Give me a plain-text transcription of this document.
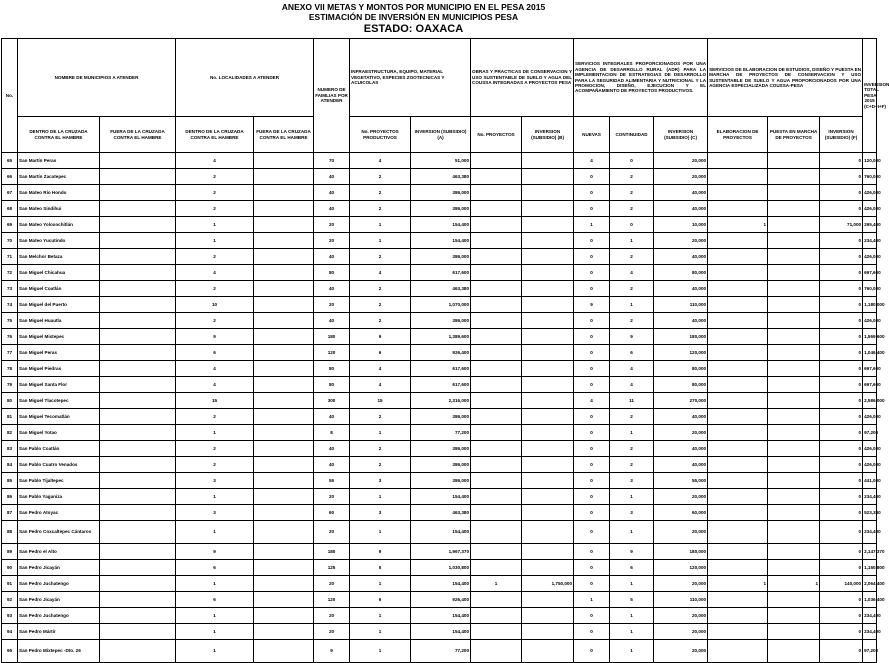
ANEXO VII METAS Y MONTOS POR MUNICIPIO EN EL PESA 2015
ESTIMACIÓN DE INVERSIÓN EN MUNICIPIOS PESA
ESTADO: OAXACA
No.	NOMBRE DE MUNICIPIOS A ATENDER		No. LOCALIDADES A ATENDER		NUMERO DE FAMILIAS POR ATENDER	INFRAESTRUCTURA, EQUIPO, MATERIAL VEGETATIVO, ESPECIES ZOOTECNICAS Y ACUICOLAS		OBRAS Y PRACTICAS DE CONSERVACION Y USO SUSTENTABLE DE SUELO Y AGUA DEL COUSSA INTEGRADAS A PROYECTOS PESA		SERVICIOS INTEGRALES PROPORCIONADOS POR UNA AGENCIA DE DESARROLLO RURAL (ADR) PARA LA IMPLEMENTACION DE ESTRATEGIAS DE DESARROLLO PARA LA SEGURIDAD ALIMENTARIA Y NUTRICIONAL Y LA PROMOCION, DISEÑO, EJECUCION Y EL ACOMPAÑAMIENTO DE PROYECTOS PRODUCTIVOS.			SERVICIOS DE ELABORACION DE ESTUDIOS, DISEÑO Y PUESTA EN MARCHA DE PROYECTOS DE CONSERVACION Y USO SUSTENTABLE DE SUELO Y AGUA PROPORCIONADOS POR UNA AGENCIA ESPECIALIZADA COUSSA-PESA			INVERSION TOTAL PESA 2015 (C+D+I+F)
	DENTRO DE LA CRUZADA CONTRA EL HAMBRE	FUERA DE LA CRUZADA CONTRA EL HAMBRE	DENTRO DE LA CRUZADA CONTRA EL HAMBRE	FUERA DE LA CRUZADA CONTRA EL HAMBRE		No. PROYECTOS PRODUCTIVOS	INVERSION (SUBSIDIO) (A)	No. PROYECTOS	INVERSION (SUBSIDIO) (B)	NUEVAS	CONTINUIDAD	INVERSION (SUBSIDIO) (C)	ELABORACION DE PROYECTOS	PUESTA EN MARCHA DE PROYECTOS	INVERSION (SUBSIDIO) (F)	
65	San Martín Peras		4		70	4	51,000			4	0	20,000			0	120,000
66	San Martín Zacatepec		2		40	2	463,380			0	2	20,000			0	760,000
67	San Mateo Río Hondo		2		40	2	386,000			0	2	40,000			0	426,000
68	San Mateo Sindihui		2		40	2	386,000			0	2	40,000			0	426,000
69	San Mateo Yoloxochitlán		1		20	1	154,400			1	0	10,000	1		71,000	295,400
70	San Mateo Yucutindo		1		20	1	154,400			0	1	20,000			0	234,400
71	San Melchor Betaza		2		40	2	386,000			0	2	40,000			0	426,000
72	San Miguel Chicahua		4		80	4	617,600			0	4	80,000			0	697,600
73	San Miguel Coatlán		2		40	2	463,380			0	2	40,000			0	760,000
74	San Miguel del Puerto		10		20	2	1,070,000			9	1	110,000			0	1,180,000
75	San Miguel Huautla		2		40	2	386,000			0	2	40,000			0	426,000
76	San Miguel Mixtepec		9		180	9	1,389,600			0	9	180,000			0	1,569,600
77	San Miguel Peras		6		120	6	926,400			0	6	120,000			0	1,046,400
78	San Miguel Piedras		4		80	4	617,600			0	4	80,000			0	697,600
79	San Miguel Santa Flor		4		80	4	617,600			0	4	80,000			0	697,600
80	San Miguel Tlacotepec		15		300	15	2,316,000			4	11	270,000			0	2,586,000
81	San Miguel Tecomatlán		2		40	2	386,000			0	2	40,000			0	426,000
82	San Miguel Yotao		1		8	1	77,200			0	1	20,000			0	97,200
83	San Pablo Coatlán		2		40	2	386,000			0	2	40,000			0	426,000
84	San Pablo Cuatro Venados		2		40	2	386,000			0	2	40,000			0	426,000
85	San Pablo Tijaltepec		3		55	3	386,000			0	3	55,000			0	441,000
86	San Pablo Yaganiza		1		20	1	154,400			0	1	20,000			0	234,400
87	San Pedro Atoyac		3		60	3	463,380			0	3	60,000			0	523,380
88	San Pedro Coxcaltepec Cántaros		1		20	1	154,400			0	1	20,000			0	234,400
89	San Pedro el Alto		9		180	9	1,967,370			0	9	180,000			0	2,147,370
90	San Pedro Jicayán		6		125	5	1,030,800			0	6	120,000			0	1,150,800
91	San Pedro Juchatengo		1		20	1	154,400	1	1,750,000	0	1	20,000	1	1	140,000	2,064,400
92	San Pedro Jicayán		6		120	6	926,400			1	5	110,000			0	1,036,400
93	San Pedro Juchatengo		1		20	1	154,400			0	1	20,000			0	234,400
94	San Pedro Mártir		1		20	1	154,400			0	1	20,000			0	234,400
95	San Pedro Mixtepec -Dto. 26		1		9	1	77,200			0	1	20,000			0	97,200
